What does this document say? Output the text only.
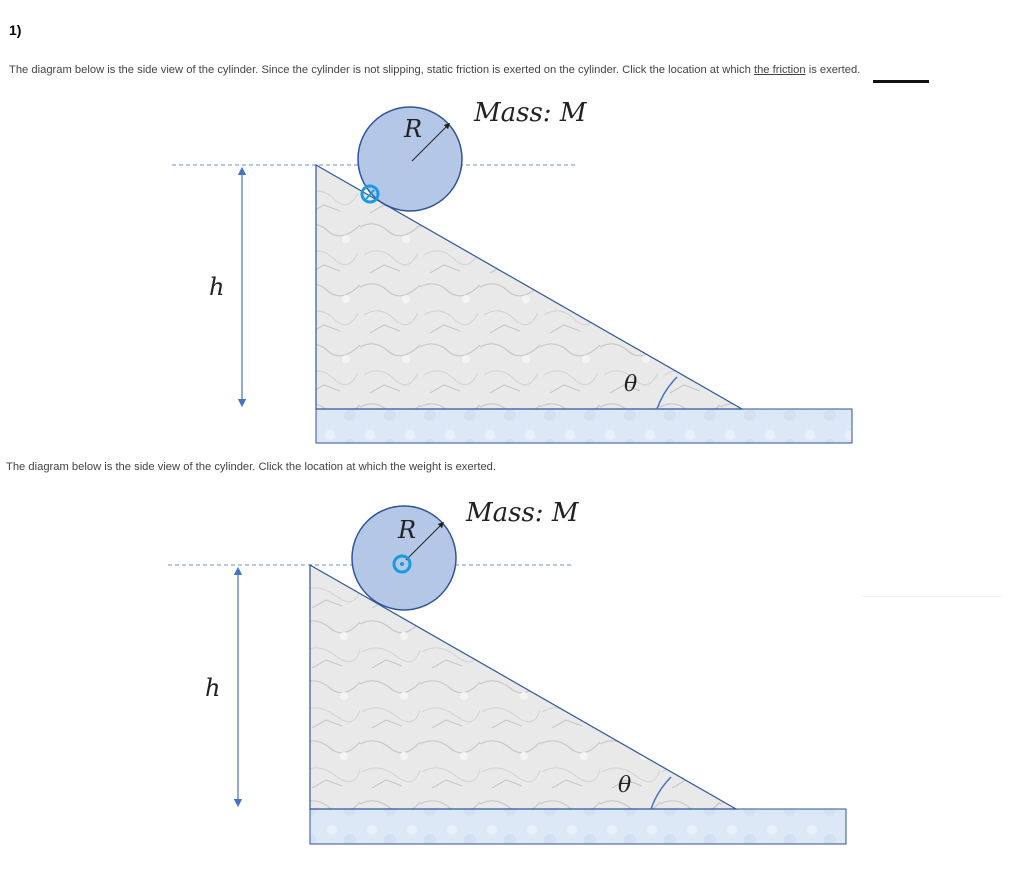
1)
The diagram below is the side view of the cylinder. Since the cylinder is not slipping, static friction is exerted on the cylinder. Click the location at which the friction is exerted.
h
θ
R
Mass: M
The diagram below is the side view of the cylinder. Click the location at which the weight is exerted.
h
θ
R
Mass: M
